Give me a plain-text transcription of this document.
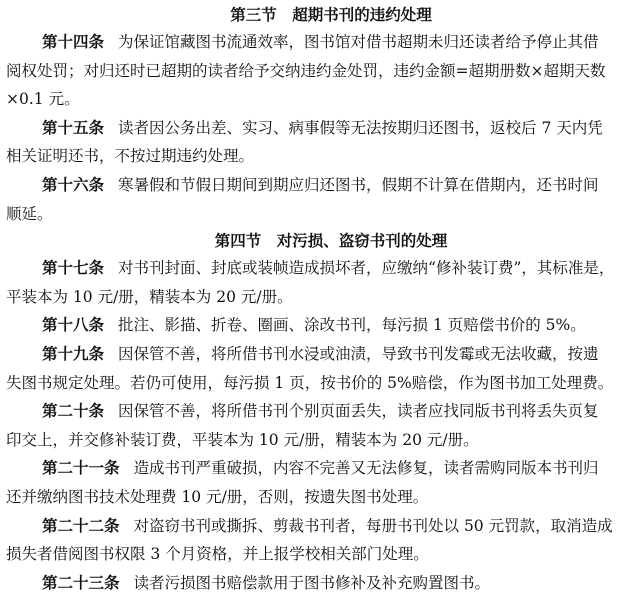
第三节　超期书刊的违约处理

第十四条 为保证馆藏图书流通效率，图书馆对借书超期未归还读者给予停止其借
阅权处罚；对归还时已超期的读者给予交纳违约金处罚，违约金额=超期册数×超期天数
×0.1 元。

第十五条 读者因公务出差、实习、病事假等无法按期归还图书，返校后 7 天内凭
相关证明还书，不按过期违约处理。

第十六条 寒暑假和节假日期间到期应归还图书，假期不计算在借期内，还书时间
顺延。

第四节　对污损、盗窃书刊的处理

第十七条 对书刊封面、封底或装帧造成损坏者，应缴纳“修补装订费”，其标准是，
平装本为 10 元/册，精装本为 20 元/册。

第十八条 批注、影描、折卷、圈画、涂改书刊，每污损 1 页赔偿书价的 5%。

第十九条 因保管不善，将所借书刊水浸或油渍，导致书刊发霉或无法收藏，按遗
失图书规定处理。若仍可使用，每污损 1 页，按书价的 5%赔偿，作为图书加工处理费。

第二十条 因保管不善，将所借书刊个别页面丢失，读者应找同版书刊将丢失页复
印交上，并交修补装订费，平装本为 10 元/册，精装本为 20 元/册。

第二十一条 造成书刊严重破损，内容不完善又无法修复，读者需购同版本书刊归
还并缴纳图书技术处理费 10 元/册，否则，按遗失图书处理。

第二十二条 对盗窃书刊或撕拆、剪裁书刊者，每册书刊处以 50 元罚款，取消造成
损失者借阅图书权限 3 个月资格，并上报学校相关部门处理。

第二十三条 读者污损图书赔偿款用于图书修补及补充购置图书。
